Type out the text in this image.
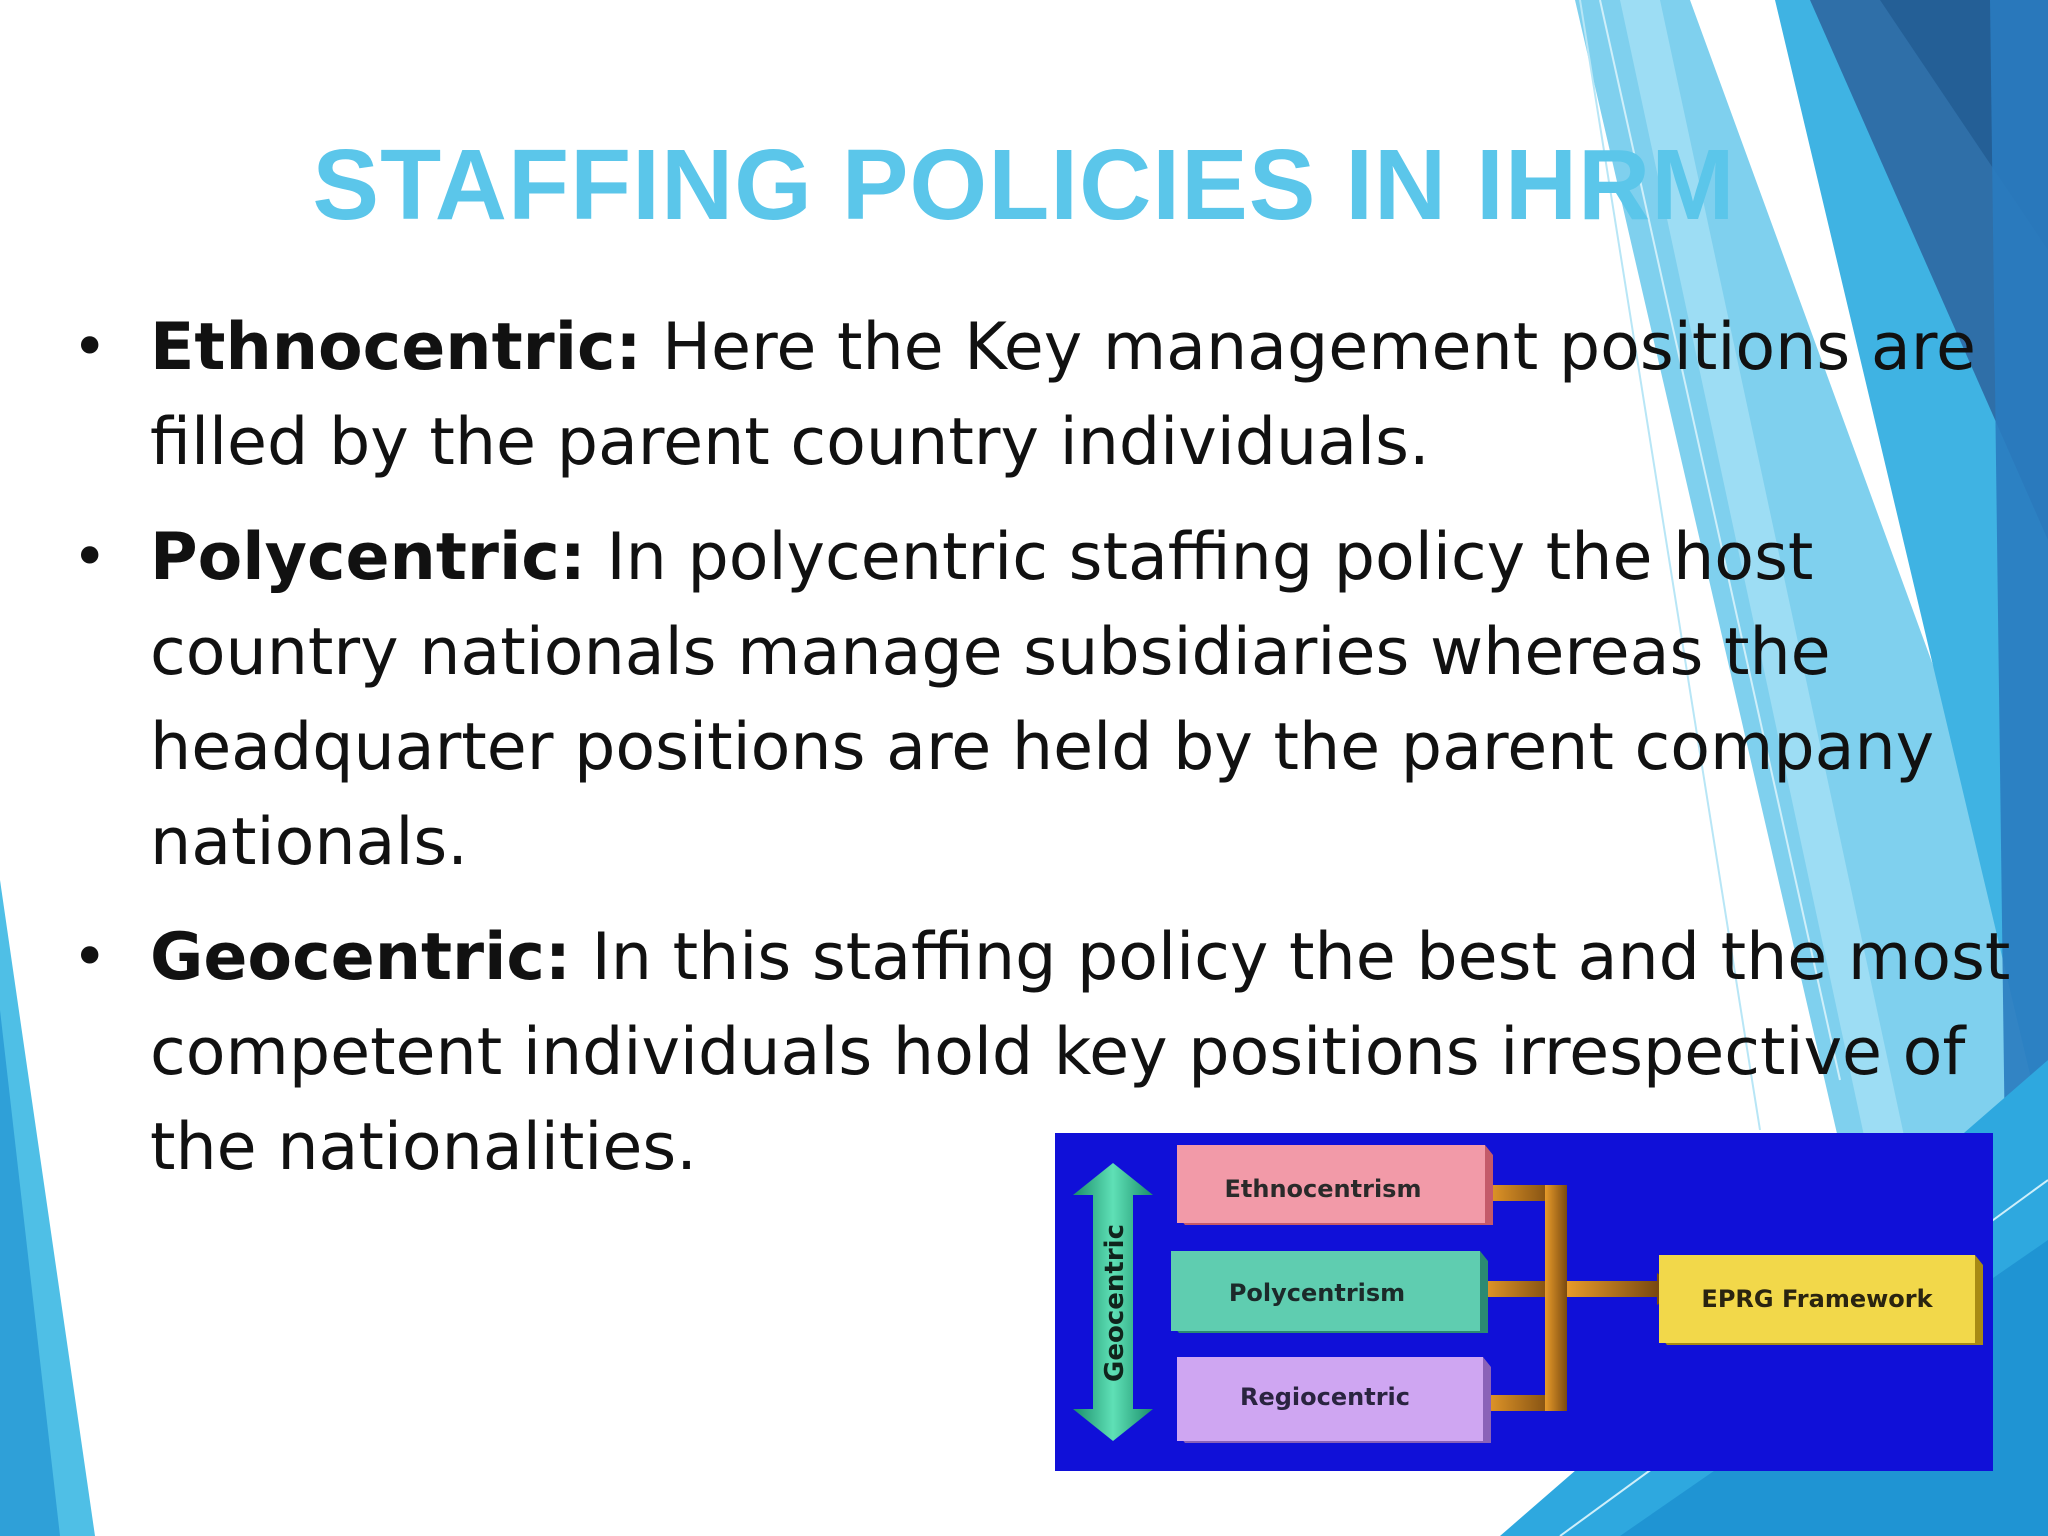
STAFFING POLICIES IN IHRM
• Ethnocentric: Here the Key management positions are filled by the parent country individuals.
• Polycentric: In polycentric staffing policy the host country nationals manage subsidiaries whereas the headquarter positions are held by the parent company nationals.
• Geocentric: In this staffing policy the best and the most competent individuals hold key positions irrespective of the nationalities.
Geocentric
Ethnocentrism
Polycentrism
Regiocentric
EPRG Framework
